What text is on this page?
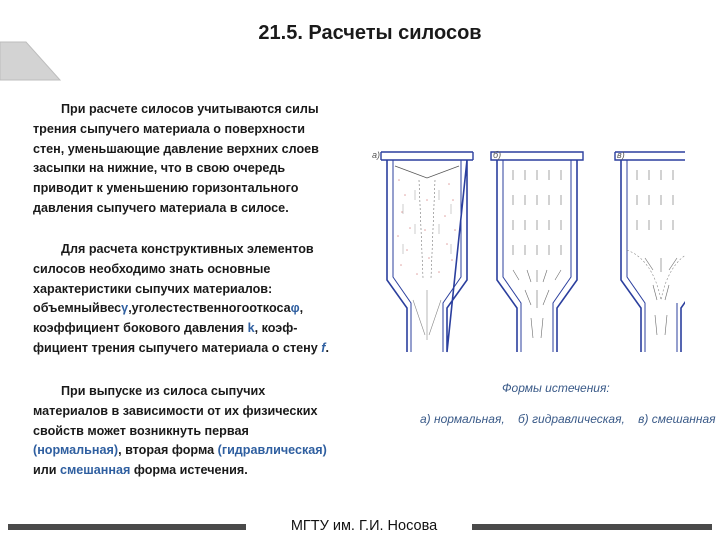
21.5. Расчеты силосов

При расчете силосов учитываются силы

трения сыпучего материала о поверхности
стен, уменьшающие давление верхних слоев
засыпки на нижние, что в свою очередь
приводит к уменьшению горизонтального
давления сыпучего материала в силосе.

Для расчета конструктивных элементов

силосов необходимо знать основные
характеристики сыпучих материалов:
объемныйвесγ,уголестественногооткосаφ,
коэффициент бокового давления k, коэф-
фициент трения сыпучего материала о стену f.

При выпуске из силоса сыпучих

материалов в зависимости от их физических
свойств может возникнуть первая
(нормальная), вторая форма (гидравлическая)
или смешанная форма истечения.
а)	б)	в)
Формы истечения:
а) нормальная, б) гидравлическая, в) смешанная
МГТУ им. Г.И. Носова
